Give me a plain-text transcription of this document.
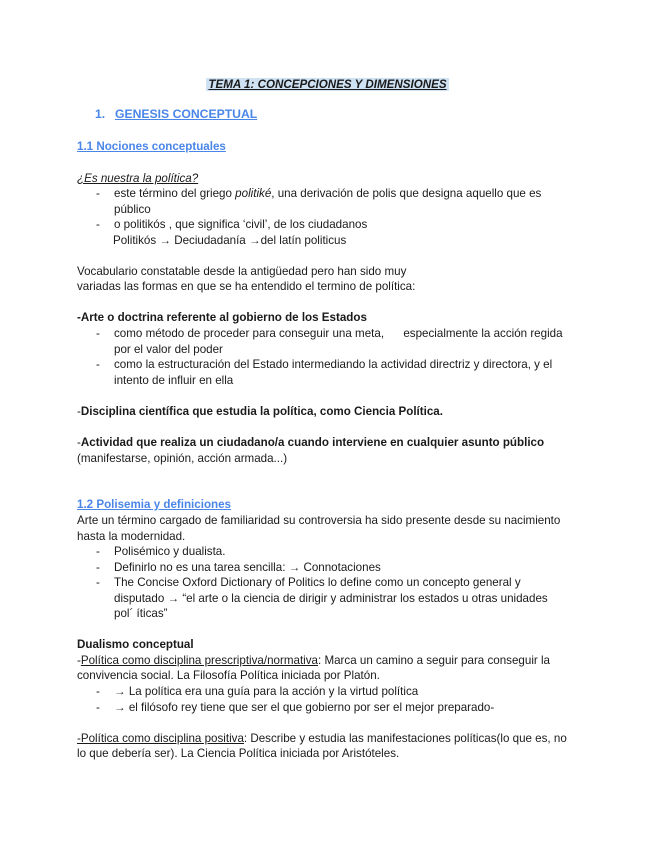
TEMA 1: CONCEPCIONES Y DIMENSIONES
1. GENESIS CONCEPTUAL
1.1 Nociones conceptuales
¿Es nuestra la política?
- este término del griego politiké, una derivación de polis que designa aquello que es
público
- o politikós , que significa ‘civil’, de los ciudadanos
Politikós → Deciudadanía →del latín politicus
Vocabulario constatable desde la antigüedad pero han sido muy
variadas las formas en que se ha entendido el termino de política:
-Arte o doctrina referente al gobierno de los Estados
- como método de proceder para conseguir una meta,      especialmente la acción regida
por el valor del poder
- como la estructuración del Estado intermediando la actividad directriz y directora, y el
intento de influir en ella
-Disciplina científica que estudia la política, como Ciencia Política.
-Actividad que realiza un ciudadano/a cuando interviene en cualquier asunto público
(manifestarse, opinión, acción armada...)
1.2 Polisemia y definiciones
Arte un término cargado de familiaridad su controversia ha sido presente desde su nacimiento
hasta la modernidad.
- Polisémico y dualista.
- Definirlo no es una tarea sencilla: → Connotaciones
- The Concise Oxford Dictionary of Politics lo define como un concepto general y
disputado → “el arte o la ciencia de dirigir y administrar los estados u otras unidades
pol´ íticas”
Dualismo conceptual
-Política como disciplina prescriptiva/normativa: Marca un camino a seguir para conseguir la
convivencia social. La Filosofía Política iniciada por Platón.
- → La política era una guía para la acción y la virtud política
- → el filósofo rey tiene que ser el que gobierno por ser el mejor preparado-
-Política como disciplina positiva: Describe y estudia las manifestaciones políticas(lo que es, no
lo que debería ser). La Ciencia Política iniciada por Aristóteles.
